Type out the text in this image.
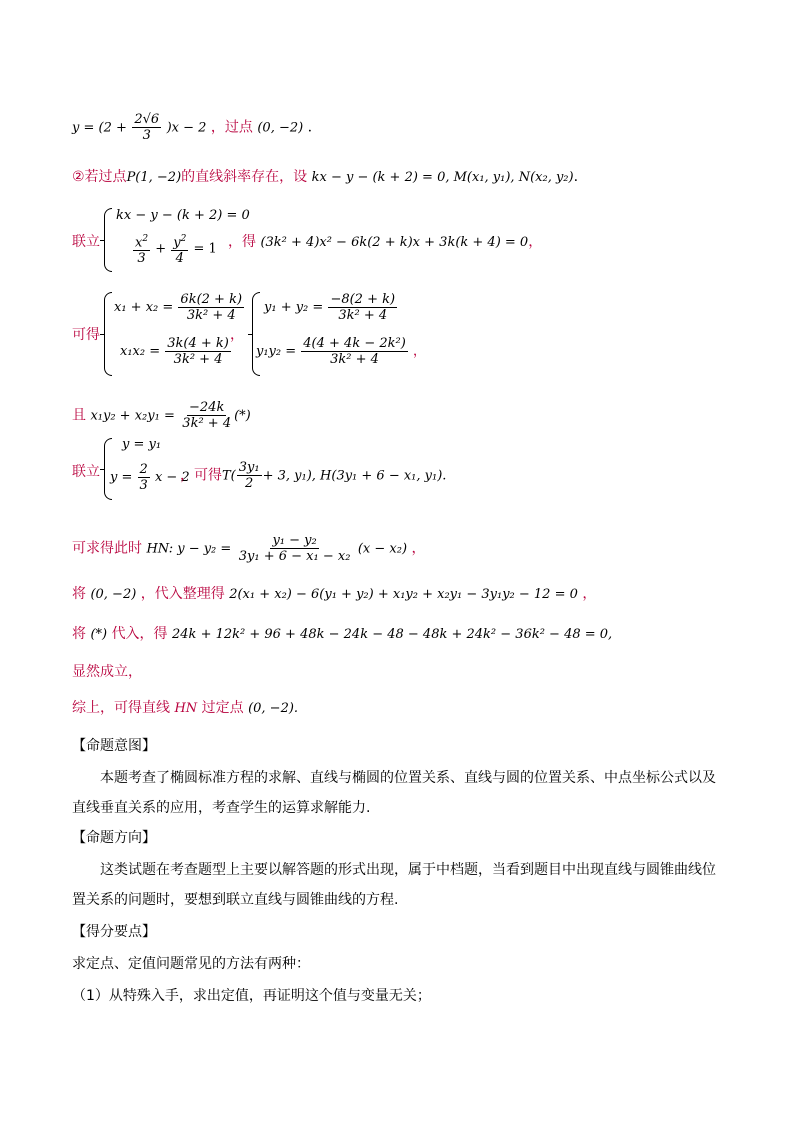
$y = (2 + \frac{2√6}{3} )x - 2$ ，过点 (0, −2) .
②若过点P(1, −2)的直线斜率存在，设 kx − y − (k + 2) = 0, M(x₁, y₁), N(x₂, y₂).
联立
kx − y − (k + 2) = 0
$\frac{x^2}{3} + \frac{y^2}{4} = 1$ ，得 (3k² + 4)x² − 6k(2 + k)x + 3k(k + 4) = 0，
可得
$x_1 + x_2 = \frac{6k(2 + k)}{\text{3k² + 4}}$
$x_1x_2 = \frac{3k(4 + k)}{\text{3k² + 4}}$
，
$y_1 + y_2 = \frac{-8(2 + k)}{\text{3k² + 4}}$
$y_1y_2 = \frac{\text{4(4 + 4k − 2k²)}}{\text{3k² + 4}}$ ，
且 $x_1y_2 + x_2y_1 = \frac{-24k}{\text{3k² + 4}}$ (*)
联立
y = y₁
$y = \frac{2}{3}$ x − 2
，可得$T( \frac{\text{3y₁}}{2} + 3$, y₁), H(3y₁ + 6 − x₁, y₁).
可求得此时 HN: $y - y_2 = \frac{\text{y₁ − y₂}}{\text{3y₁ + 6 − x₁ − x₂}} (x - x_2)$ ，
将 (0, −2) ，代入整理得 2(x₁ + x₂) − 6(y₁ + y₂) + x₁y₂ + x₂y₁ − 3y₁y₂ − 12 = 0 ，
将 (*) 代入，得 24k + 12k² + 96 + 48k − 24k − 48 − 48k + 24k² − 36k² − 48 = 0,
显然成立，
综上，可得直线 HN 过定点 (0, −2).
【命题意图】
本题考查了椭圆标准方程的求解、直线与椭圆的位置关系、直线与圆的位置关系、中点坐标公式以及
直线垂直关系的应用，考查学生的运算求解能力.
【命题方向】
这类试题在考查题型上主要以解答题的形式出现，属于中档题，当看到题目中出现直线与圆锥曲线位
置关系的问题时，要想到联立直线与圆锥曲线的方程.
【得分要点】
求定点、定值问题常见的方法有两种：
（1）从特殊入手，求出定值，再证明这个值与变量无关；
